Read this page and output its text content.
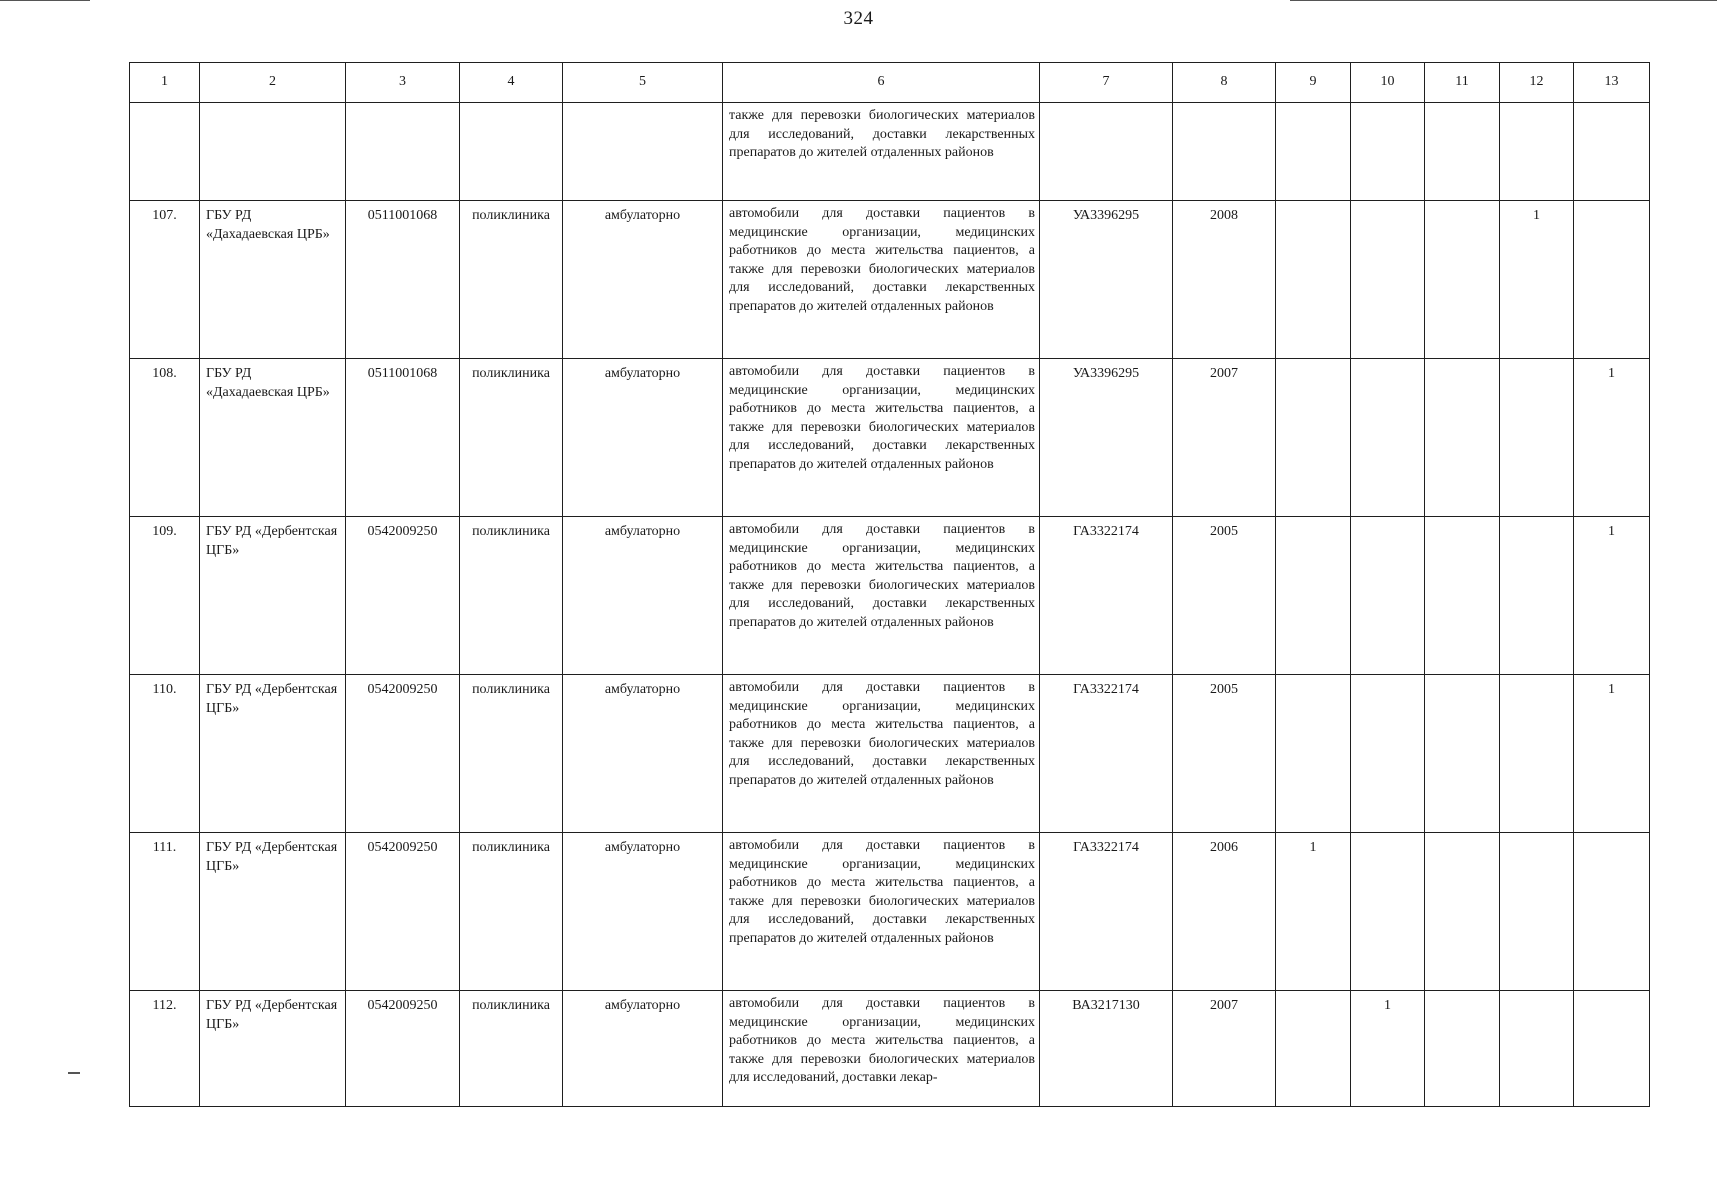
324
1	2	3	4	5	6	7	8	9	10	11	12	13
					также для перевозки биологических материалов для исследований, доставки лекарственных препаратов до жителей отдаленных районов							
107.	ГБУ РД «Дахадаевская ЦРБ»	0511001068	поликлиника	амбулаторно	автомобили для доставки пациентов в медицинские организации, медицинских работников до места жительства пациентов, а также для перевозки биологических материалов для исследований, доставки лекарственных препаратов до жителей отдаленных районов	УА3396295	2008				1	
108.	ГБУ РД «Дахадаевская ЦРБ»	0511001068	поликлиника	амбулаторно	автомобили для доставки пациентов в медицинские организации, медицинских работников до места жительства пациентов, а также для перевозки биологических материалов для исследований, доставки лекарственных препаратов до жителей отдаленных районов	УА3396295	2007					1
109.	ГБУ РД «Дербентская ЦГБ»	0542009250	поликлиника	амбулаторно	автомобили для доставки пациентов в медицинские организации, медицинских работников до места жительства пациентов, а также для перевозки биологических материалов для исследований, доставки лекарственных препаратов до жителей отдаленных районов	ГА3322174	2005					1
110.	ГБУ РД «Дербентская ЦГБ»	0542009250	поликлиника	амбулаторно	автомобили для доставки пациентов в медицинские организации, медицинских работников до места жительства пациентов, а также для перевозки биологических материалов для исследований, доставки лекарственных препаратов до жителей отдаленных районов	ГА3322174	2005					1
111.	ГБУ РД «Дербентская ЦГБ»	0542009250	поликлиника	амбулаторно	автомобили для доставки пациентов в медицинские организации, медицинских работников до места жительства пациентов, а также для перевозки биологических материалов для исследований, доставки лекарственных препаратов до жителей отдаленных районов	ГА3322174	2006	1				
112.	ГБУ РД «Дербентская ЦГБ»	0542009250	поликлиника	амбулаторно	автомобили для доставки пациентов в медицинские организации, медицинских работников до места жительства пациентов, а также для перевозки биологических материалов для исследований, доставки лекар-	ВА3217130	2007		1			
